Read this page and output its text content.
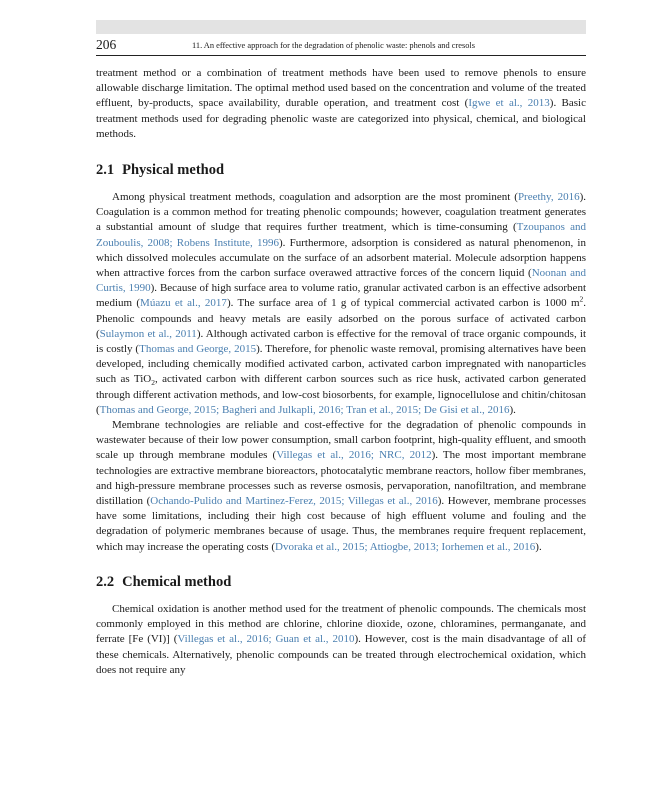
206	11. An effective approach for the degradation of phenolic waste: phenols and cresols

treatment method or a combination of treatment methods have been used to remove phenols to ensure allowable discharge limitation. The optimal method used based on the concentration and volume of the treated effluent, by-products, space availability, durable operation, and treatment cost (Igwe et al., 2013). Basic treatment methods used for degrading phenolic waste are categorized into physical, chemical, and biological methods.

2.1 Physical method

Among physical treatment methods, coagulation and adsorption are the most prominent (Preethy, 2016). Coagulation is a common method for treating phenolic compounds; however, coagulation treatment generates a substantial amount of sludge that requires further treatment, which is time-consuming (Tzoupanos and Zouboulis, 2008; Robens Institute, 1996). Furthermore, adsorption is considered as natural phenomenon, in which dissolved molecules accumulate on the surface of an adsorbent material. Molecule adsorption happens when attractive forces from the carbon surface overawed attractive forces of the concern liquid (Noonan and Curtis, 1990). Because of high surface area to volume ratio, granular activated carbon is an effective adsorbent medium (Múazu et al., 2017). The surface area of 1 g of typical commercial activated carbon is 1000 $m^2$. Phenolic compounds and heavy metals are easily adsorbed on the porous surface of activated carbon (Sulaymon et al., 2011). Although activated carbon is effective for the removal of trace organic compounds, it is costly (Thomas and George, 2015). Therefore, for phenolic waste removal, promising alternatives have been developed, including chemically modified activated carbon, activated carbon impregnated with nanoparticles such as TiO$_2$, activated carbon with different carbon sources such as rice husk, activated carbon generated through different activation methods, and low-cost biosorbents, for example, lignocellulose and chitin/chitosan (Thomas and George, 2015; Bagheri and Julkapli, 2016; Tran et al., 2015; De Gisi et al., 2016).

Membrane technologies are reliable and cost-effective for the degradation of phenolic compounds in wastewater because of their low power consumption, small carbon footprint, high-quality effluent, and smooth scale up through membrane modules (Villegas et al., 2016; NRC, 2012). The most important membrane technologies are extractive membrane bioreactors, photocatalytic membrane reactors, hollow fiber membranes, and high-pressure membrane processes such as reverse osmosis, pervaporation, nanofiltration, and membrane distillation (Ochando-Pulido and Martinez-Ferez, 2015; Villegas et al., 2016). However, membrane processes have some limitations, including their high cost because of high effluent volume and fouling and the degradation of polymeric membranes because of usage. Thus, the membranes require frequent replacement, which may increase the operating costs (Dvoraka et al., 2015; Attiogbe, 2013; Iorhemen et al., 2016).

2.2 Chemical method

Chemical oxidation is another method used for the treatment of phenolic compounds. The chemicals most commonly employed in this method are chlorine, chlorine dioxide, ozone, chloramines, permanganate, and ferrate [Fe (VI)] (Villegas et al., 2016; Guan et al., 2010). However, cost is the main disadvantage of all of these chemicals. Alternatively, phenolic compounds can be treated through electrochemical oxidation, which does not require any
